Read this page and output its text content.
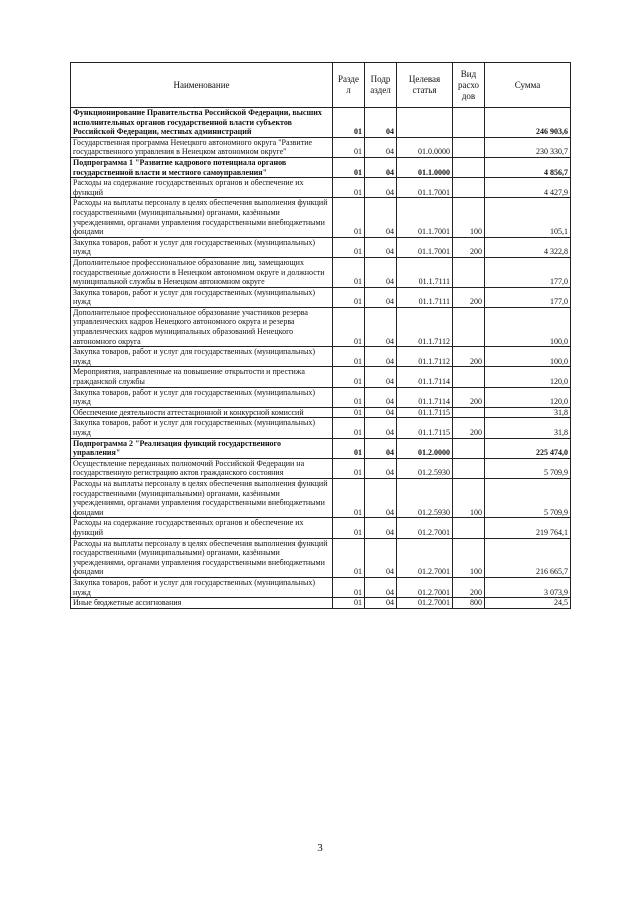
Наименование	Разде л	Подр аздел	Целевая статья	Вид расхо дов	Сумма
Функционирование Правительства Российской Федерации, высших исполнительных органов государственной власти субъектов Российской Федерации, местных администраций	01	04			246 903,6
Государственная программа Ненецкого автономного округа "Развитие государственного управления в Ненецком автономном округе"	01	04	01.0.0000		230 330,7
Подпрограмма 1 "Развитие кадрового потенциала органов государственной власти и местного самоуправления"	01	04	01.1.0000		4 856,7
Расходы на содержание государственных органов и обеспечение их функций	01	04	01.1.7001		4 427,9
Расходы на выплаты персоналу в целях обеспечения выполнения функций государственными (муниципальными) органами, казёнными учреждениями, органами управления государственными внебюджетными фондами	01	04	01.1.7001	100	105,1
Закупка товаров, работ и услуг для государственных (муниципальных) нужд	01	04	01.1.7001	200	4 322,8
Дополнительное профессиональное образование лиц, замещающих государственные должности в Ненецком автономном округе и должности муниципальной службы в Ненецком автономном округе	01	04	01.1.7111		177,0
Закупка товаров, работ и услуг для государственных (муниципальных) нужд	01	04	01.1.7111	200	177,0
Дополнительное профессиональное образование участников резерва управленческих кадров Ненецкого автономного округа и резерва управленческих кадров муниципальных образований Ненецкого автономного округа	01	04	01.1.7112		100,0
Закупка товаров, работ и услуг для государственных (муниципальных) нужд	01	04	01.1.7112	200	100,0
Мероприятия, направленные на повышение открытости и престижа гражданской службы	01	04	01.1.7114		120,0
Закупка товаров, работ и услуг для государственных (муниципальных) нужд	01	04	01.1.7114	200	120,0
Обеспечение деятельности аттестационной и конкурсной комиссий	01	04	01.1.7115		31,8
Закупка товаров, работ и услуг для государственных (муниципальных) нужд	01	04	01.1.7115	200	31,8
Подпрограмма 2 "Реализация функций государственного управления"	01	04	01.2.0000		225 474,0
Осуществление переданных полномочий Российской Федерации на государственную регистрацию актов гражданского состояния	01	04	01.2.5930		5 709,9
Расходы на выплаты персоналу в целях обеспечения выполнения функций государственными (муниципальными) органами, казёнными учреждениями, органами управления государственными внебюджетными фондами	01	04	01.2.5930	100	5 709,9
Расходы на содержание государственных органов и обеспечение их функций	01	04	01.2.7001		219 764,1
Расходы на выплаты персоналу в целях обеспечения выполнения функций государственными (муниципальными) органами, казёнными учреждениями, органами управления государственными внебюджетными фондами	01	04	01.2.7001	100	216 665,7
Закупка товаров, работ и услуг для государственных (муниципальных) нужд	01	04	01.2.7001	200	3 073,9
Иные бюджетные ассигнования	01	04	01.2.7001	800	24,5
3
